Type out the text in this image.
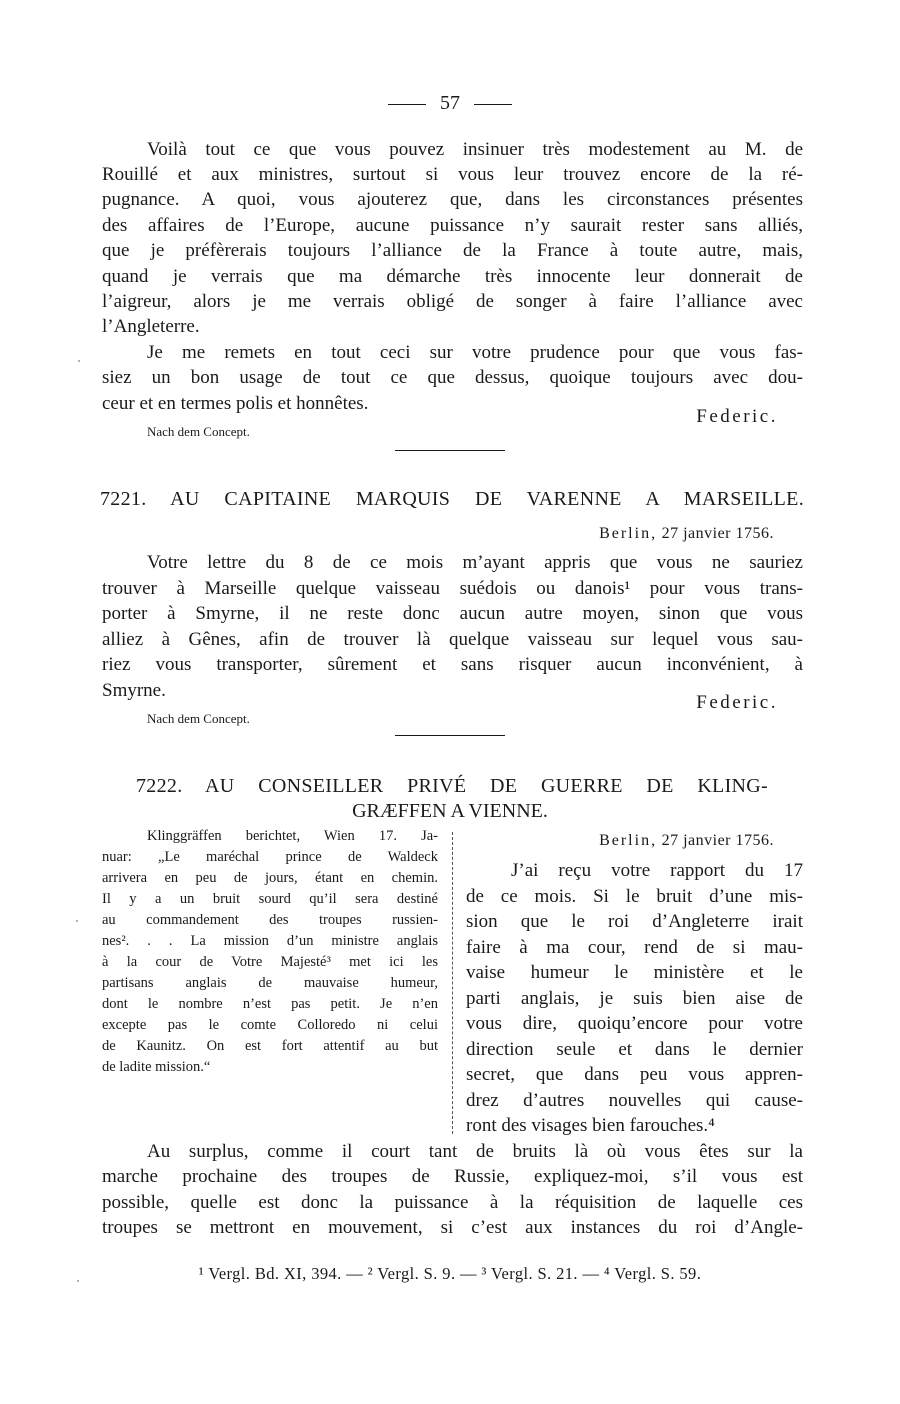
57
Voilà tout ce que vous pouvez insinuer très modestement au M. de
Rouillé et aux ministres, surtout si vous leur trouvez encore de la ré-
pugnance. A quoi, vous ajouterez que, dans les circonstances présentes
des affaires de l’Europe, aucune puissance n’y saurait rester sans alliés,
que je préfèrerais toujours l’alliance de la France à toute autre, mais,
quand je verrais que ma démarche très innocente leur donnerait de
l’aigreur, alors je me verrais obligé de songer à faire l’alliance avec
l’Angleterre.
Je me remets en tout ceci sur votre prudence pour que vous fas-
siez un bon usage de tout ce que dessus, quoique toujours avec dou-
ceur et en termes polis et honnêtes.
Federic.
Nach dem Concept.
7221. AU CAPITAINE MARQUIS DE VARENNE A MARSEILLE.
Berlin, 27 janvier 1756.
Votre lettre du 8 de ce mois m’ayant appris que vous ne sauriez
trouver à Marseille quelque vaisseau suédois ou danois¹ pour vous trans-
porter à Smyrne, il ne reste donc aucun autre moyen, sinon que vous
alliez à Gênes, afin de trouver là quelque vaisseau sur lequel vous sau-
riez vous transporter, sûrement et sans risquer aucun inconvénient, à
Smyrne.
Federic.
Nach dem Concept.
7222. AU CONSEILLER PRIVÉ DE GUERRE DE KLING-
GRÆFFEN A VIENNE.
Klinggräffen berichtet, Wien 17. Ja-
nuar: „Le maréchal prince de Waldeck
arrivera en peu de jours, étant en chemin.
Il y a un bruit sourd qu’il sera destiné
au commandement des troupes russien-
nes². . . La mission d’un ministre anglais
à la cour de Votre Majesté³ met ici les
partisans anglais de mauvaise humeur,
dont le nombre n’est pas petit. Je n’en
excepte pas le comte Colloredo ni celui
de Kaunitz. On est fort attentif au but
de ladite mission.“
Berlin, 27 janvier 1756.
J’ai reçu votre rapport du 17
de ce mois. Si le bruit d’une mis-
sion que le roi d’Angleterre irait
faire à ma cour, rend de si mau-
vaise humeur le ministère et le
parti anglais, je suis bien aise de
vous dire, quoiqu’encore pour votre
direction seule et dans le dernier
secret, que dans peu vous appren-
drez d’autres nouvelles qui cause-
ront des visages bien farouches.⁴
Au surplus, comme il court tant de bruits là où vous êtes sur la
marche prochaine des troupes de Russie, expliquez-moi, s’il vous est
possible, quelle est donc la puissance à la réquisition de laquelle ces
troupes se mettront en mouvement, si c’est aux instances du roi d’Angle-
¹ Vergl. Bd. XI, 394. — ² Vergl. S. 9. — ³ Vergl. S. 21. — ⁴ Vergl. S. 59.
